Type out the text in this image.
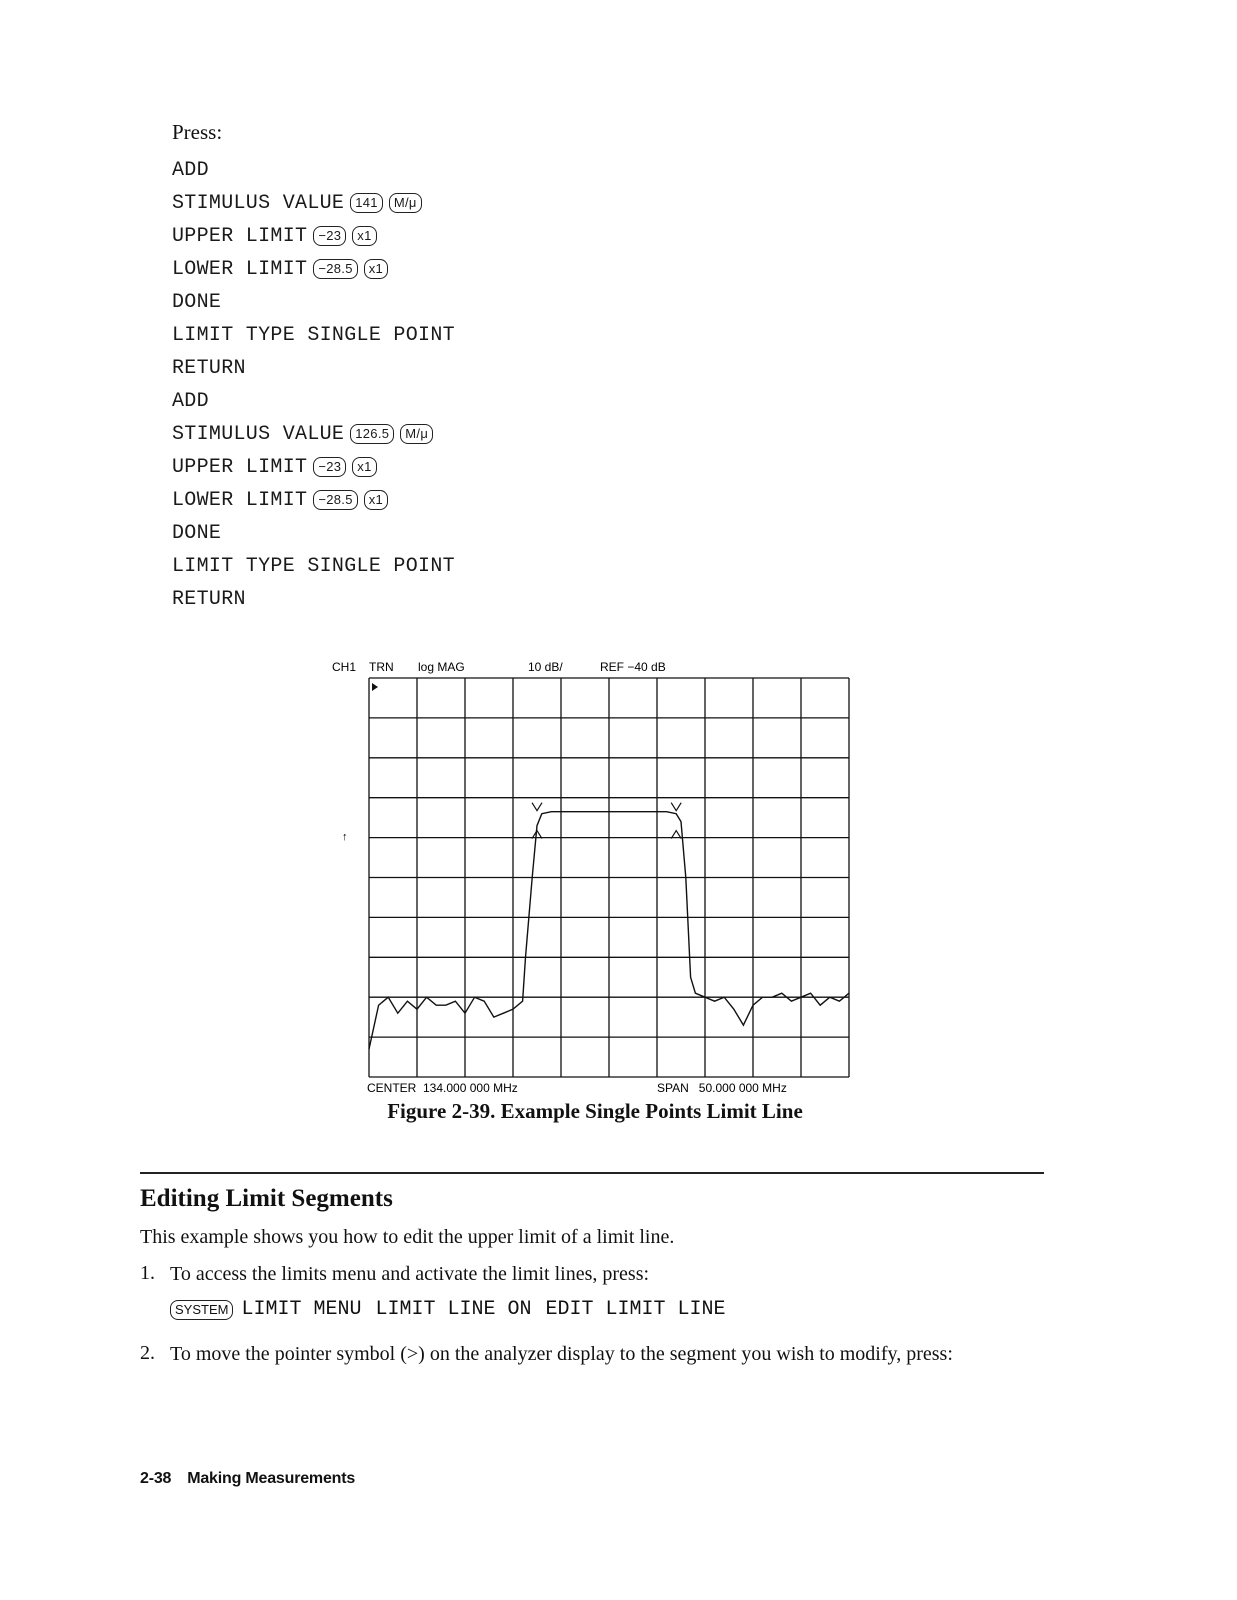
Press:
ADD
STIMULUS VALUE 141	M/μ
UPPER LIMIT −23	x1
LOWER LIMIT −28.5	x1
DONE
LIMIT TYPE SINGLE POINT
RETURN
ADD
STIMULUS VALUE 126.5	M/μ
UPPER LIMIT −23	x1
LOWER LIMIT −28.5	x1
DONE
LIMIT TYPE SINGLE POINT
RETURN
CH1 TRN log MAG	10 dB/	REF −40 dB
↑
CENTER  134.000 000 MHz	SPAN   50.000 000 MHz
Figure 2-39. Example Single Points Limit Line
Editing Limit Segments
This example shows you how to edit the upper limit of a limit line.
1. To access the limits menu and activate the limit lines, press:
SYSTEM LIMIT MENU LIMIT LINE ON EDIT LIMIT LINE
2. To move the pointer symbol (>) on the analyzer display to the segment you wish to modify, press:
2-38 Making Measurements
